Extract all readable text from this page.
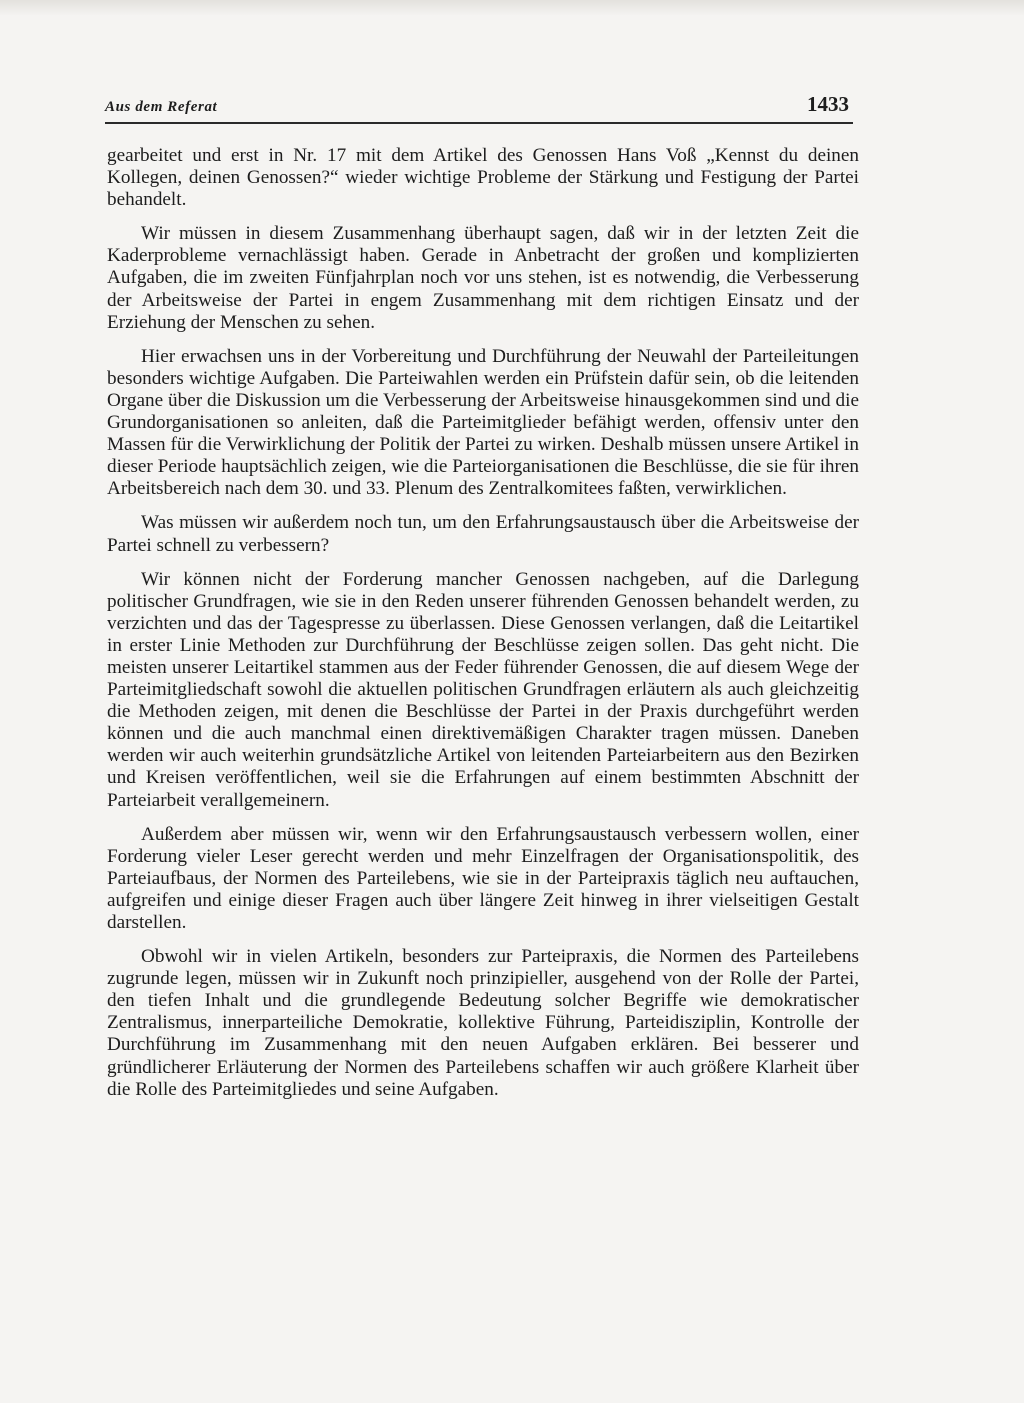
Aus dem Referat	1433

gearbeitet und erst in Nr. 17 mit dem Artikel des Genossen Hans Voß „Kennst du deinen Kollegen, deinen Genossen?“ wieder wichtige Probleme der Stärkung und Festigung der Partei behandelt.

Wir müssen in diesem Zusammenhang überhaupt sagen, daß wir in der letzten Zeit die Kaderprobleme vernachlässigt haben. Gerade in Anbetracht der großen und komplizierten Aufgaben, die im zweiten Fünfjahrplan noch vor uns stehen, ist es notwendig, die Verbesserung der Arbeitsweise der Partei in engem Zusammenhang mit dem richtigen Einsatz und der Erziehung der Menschen zu sehen.

Hier erwachsen uns in der Vorbereitung und Durchführung der Neuwahl der Parteileitungen besonders wichtige Aufgaben. Die Parteiwahlen werden ein Prüfstein dafür sein, ob die leitenden Organe über die Diskussion um die Verbesserung der Arbeitsweise hinausgekommen sind und die Grundorganisationen so anleiten, daß die Parteimitglieder befähigt werden, offensiv unter den Massen für die Verwirklichung der Politik der Partei zu wirken. Deshalb müssen unsere Artikel in dieser Periode hauptsächlich zeigen, wie die Parteiorganisationen die Beschlüsse, die sie für ihren Arbeitsbereich nach dem 30. und 33. Plenum des Zentralkomitees faßten, verwirklichen.

Was müssen wir außerdem noch tun, um den Erfahrungsaustausch über die Arbeitsweise der Partei schnell zu verbessern?

Wir können nicht der Forderung mancher Genossen nachgeben, auf die Darlegung politischer Grundfragen, wie sie in den Reden unserer führenden Genossen behandelt werden, zu verzichten und das der Tagespresse zu überlassen. Diese Genossen verlangen, daß die Leitartikel in erster Linie Methoden zur Durchführung der Beschlüsse zeigen sollen. Das geht nicht. Die meisten unserer Leitartikel stammen aus der Feder führender Genossen, die auf diesem Wege der Parteimitgliedschaft sowohl die aktuellen politischen Grundfragen erläutern als auch gleichzeitig die Methoden zeigen, mit denen die Beschlüsse der Partei in der Praxis durchgeführt werden können und die auch manchmal einen direktivemäßigen Charakter tragen müssen. Daneben werden wir auch weiterhin grundsätzliche Artikel von leitenden Parteiarbeitern aus den Bezirken und Kreisen veröffentlichen, weil sie die Erfahrungen auf einem bestimmten Abschnitt der Parteiarbeit verallgemeinern.

Außerdem aber müssen wir, wenn wir den Erfahrungsaustausch verbessern wollen, einer Forderung vieler Leser gerecht werden und mehr Einzelfragen der Organisationspolitik, des Parteiaufbaus, der Normen des Parteilebens, wie sie in der Parteipraxis täglich neu auftauchen, aufgreifen und einige dieser Fragen auch über längere Zeit hinweg in ihrer vielseitigen Gestalt darstellen.

Obwohl wir in vielen Artikeln, besonders zur Parteipraxis, die Normen des Parteilebens zugrunde legen, müssen wir in Zukunft noch prinzipieller, ausgehend von der Rolle der Partei, den tiefen Inhalt und die grundlegende Bedeutung solcher Begriffe wie demokratischer Zentralismus, innerparteiliche Demokratie, kollektive Führung, Parteidisziplin, Kontrolle der Durchführung im Zusammenhang mit den neuen Aufgaben erklären. Bei besserer und gründlicherer Erläuterung der Normen des Parteilebens schaffen wir auch größere Klarheit über die Rolle des Parteimitgliedes und seine Aufgaben.
